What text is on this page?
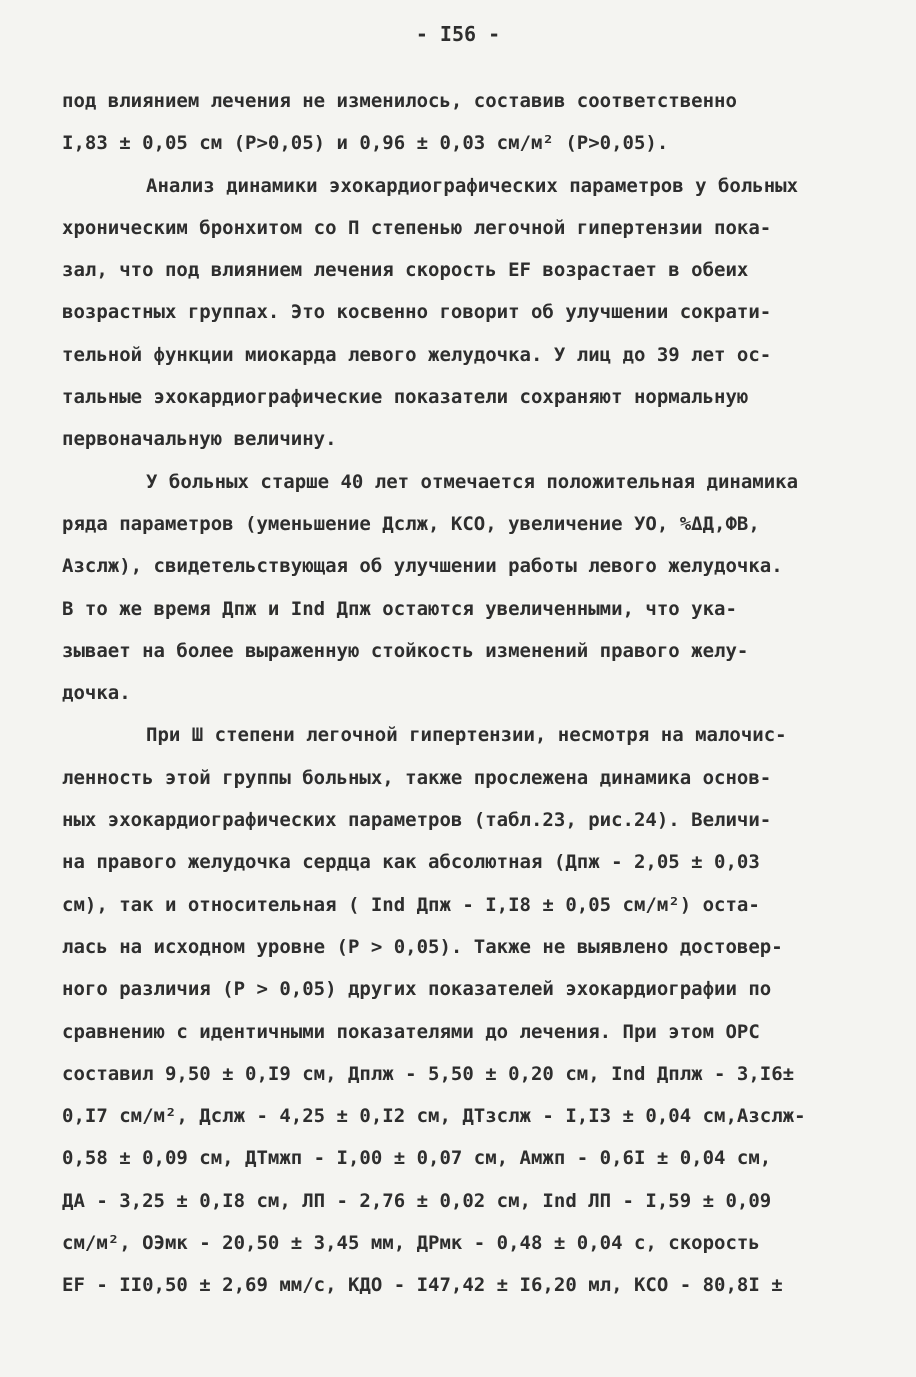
- I56 -
под влиянием лечения не изменилось, составив соответственно
I,83 ± 0,05 см (P>0,05) и 0,96 ± 0,03 см/м² (P>0,05).
Анализ динамики эхокардиографических параметров у больных
хроническим бронхитом со П степенью легочной гипертензии пока-
зал, что под влиянием лечения скорость EF возрастает в обеих
возрастных группах. Это косвенно говорит об улучшении сократи-
тельной функции миокарда левого желудочка. У лиц до 39 лет ос-
тальные эхокардиографические показатели сохраняют нормальную
первоначальную величину.
У больных старше 40 лет отмечается положительная динамика
ряда параметров (уменьшение Дслж, КСО, увеличение УО, %ΔД,ФВ,
Азслж), свидетельствующая об улучшении работы левого желудочка.
В то же время Дпж и Ind Дпж остаются увеличенными, что ука-
зывает на более выраженную стойкость изменений правого желу-
дочка.
При Ш степени легочной гипертензии, несмотря на малочис-
ленность этой группы больных, также прослежена динамика основ-
ных эхокардиографических параметров (табл.23, рис.24). Величи-
на правого желудочка сердца как абсолютная (Дпж - 2,05 ± 0,03
см), так и относительная ( Ind Дпж - I,I8 ± 0,05 см/м²) оста-
лась на исходном уровне (P > 0,05). Также не выявлено достовер-
ного различия (P > 0,05) других показателей эхокардиографии по
сравнению с идентичными показателями до лечения. При этом ОРС
составил 9,50 ± 0,I9 см, Дплж - 5,50 ± 0,20 см, Ind Дплж - 3,I6±
0,I7 см/м², Дслж - 4,25 ± 0,I2 см, ДТзслж - I,I3 ± 0,04 см,Азслж-
0,58 ± 0,09 см, ДТмжп - I,00 ± 0,07 см, Амжп - 0,6I ± 0,04 см,
ДА - 3,25 ± 0,I8 см, ЛП - 2,76 ± 0,02 см, Ind ЛП - I,59 ± 0,09
см/м², ОЭмк - 20,50 ± 3,45 мм, ДРмк - 0,48 ± 0,04 с, скорость
EF - II0,50 ± 2,69 мм/с, КДО - I47,42 ± I6,20 мл, КСО - 80,8I ±
